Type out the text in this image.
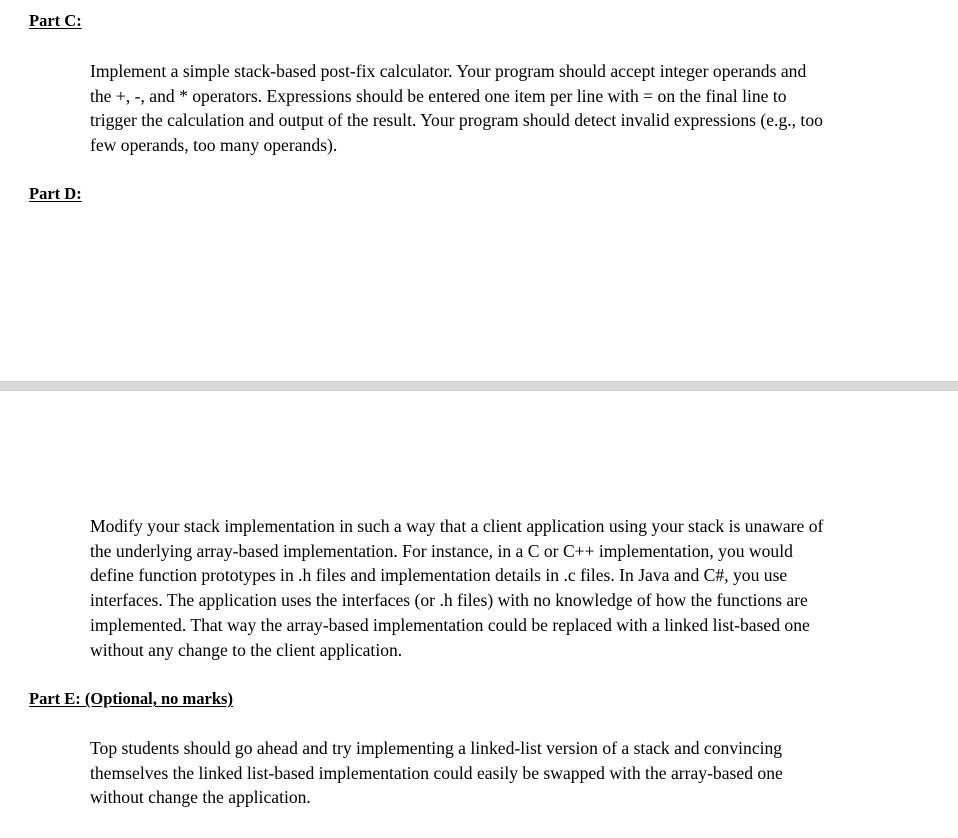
Part C:

Implement a simple stack-based post-fix calculator. Your program should accept integer operands and
the +, -, and * operators. Expressions should be entered one item per line with = on the final line to
trigger the calculation and output of the result. Your program should detect invalid expressions (e.g., too
few operands, too many operands).

Part D:

Modify your stack implementation in such a way that a client application using your stack is unaware of
the underlying array-based implementation. For instance, in a C or C++ implementation, you would
define function prototypes in .h files and implementation details in .c files. In Java and C#, you use
interfaces. The application uses the interfaces (or .h files) with no knowledge of how the functions are
implemented. That way the array-based implementation could be replaced with a linked list-based one
without any change to the client application.

Part E: (Optional, no marks)

Top students should go ahead and try implementing a linked-list version of a stack and convincing
themselves the linked list-based implementation could easily be swapped with the array-based one
without change the application.
